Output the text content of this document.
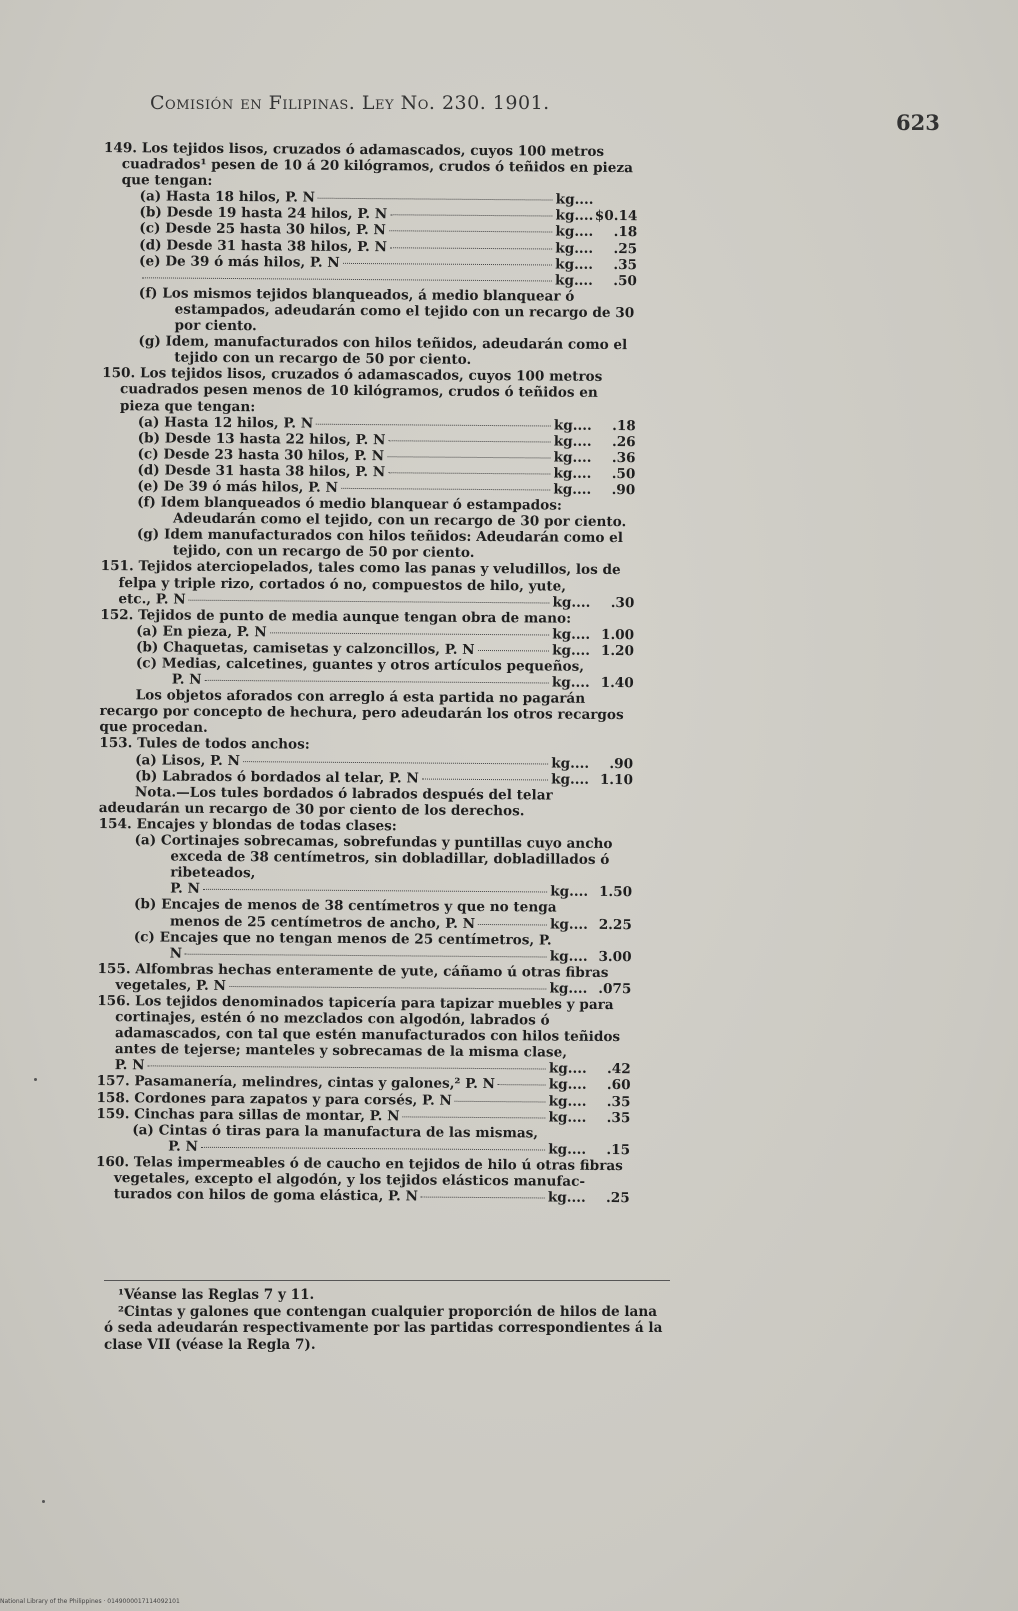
Comisión en Filipinas. Ley No. 230. 1901.
623

149. Los tejidos lisos, cruzados ó adamascados, cuyos 100 metros cuadrados¹ pesen de 10 á 20 kilógramos, crudos ó teñidos en pieza que tengan:

(a) Hasta 18 hilos, P. N	kg....
(b) Desde 19 hasta 24 hilos, P. N	kg.... $0.14
(c) Desde 25 hasta 30 hilos, P. N	kg....	.18
(d) Desde 31 hasta 38 hilos, P. N	kg....	.25
(e) De 39 ó más hilos, P. N	kg....	.35
kg....	.50

(f) Los mismos tejidos blanqueados, á medio blanquear ó estampados, adeudarán como el tejido con un recargo de 30 por ciento.

(g) Idem, manufacturados con hilos teñidos, adeudarán como el tejido con un recargo de 50 por ciento.

150. Los tejidos lisos, cruzados ó adamascados, cuyos 100 metros cuadrados pesen menos de 10 kilógramos, crudos ó teñidos en pieza que tengan:

(a) Hasta 12 hilos, P. N	kg....	.18
(b) Desde 13 hasta 22 hilos, P. N	kg....	.26
(c) Desde 23 hasta 30 hilos, P. N	kg....	.36
(d) Desde 31 hasta 38 hilos, P. N	kg....	.50
(e) De 39 ó más hilos, P. N	kg....	.90

(f) Idem blanqueados ó medio blanquear ó estampados: Adeudarán como el tejido, con un recargo de 30 por ciento.

(g) Idem manufacturados con hilos teñidos: Adeudarán como el tejido, con un recargo de 50 por ciento.

151. Tejidos aterciopelados, tales como las panas y veludillos, los de felpa y triple rizo, cortados ó no, compuestos de hilo, yute,

etc., P. N	kg....	.30

152. Tejidos de punto de media aunque tengan obra de mano:

(a) En pieza, P. N	kg.... 1.00
(b) Chaquetas, camisetas y calzoncillos, P. N	kg.... 1.20

(c) Medias, calcetines, guantes y otros artículos pequeños,

P. N	kg.... 1.40

Los objetos aforados con arreglo á esta partida no pagarán recargo por concepto de hechura, pero adeudarán los otros recargos que procedan.

153. Tules de todos anchos:

(a) Lisos, P. N	kg....	.90
(b) Labrados ó bordados al telar, P. N	kg.... 1.10

Nota.—Los tules bordados ó labrados después del telar adeudarán un recargo de 30 por ciento de los derechos.

154. Encajes y blondas de todas clases:

(a) Cortinajes sobrecamas, sobrefundas y puntillas cuyo ancho exceda de 38 centímetros, sin dobladillar, dobladillados ó ribeteados,

P. N	kg.... 1.50

(b) Encajes de menos de 38 centímetros y que no tenga

menos de 25 centímetros de ancho, P. N	kg.... 2.25

(c) Encajes que no tengan menos de 25 centímetros, P.

N	kg.... 3.00

155. Alfombras hechas enteramente de yute, cáñamo ú otras fibras

vegetales, P. N	kg.... .075

156. Los tejidos denominados tapicería para tapizar muebles y para cortinajes, estén ó no mezclados con algodón, labrados ó adamascados, con tal que estén manufacturados con hilos teñidos antes de tejerse; manteles y sobrecamas de la misma clase,

P. N	kg....	.42
157. Pasamanería, melindres, cintas y galones,² P. N	kg....	.60
158. Cordones para zapatos y para corsés, P. N	kg....	.35
159. Cinchas para sillas de montar, P. N	kg....	.35

(a) Cintas ó tiras para la manufactura de las mismas,

P. N	kg....	.15

160. Telas impermeables ó de caucho en tejidos de hilo ú otras fibras vegetales, excepto el algodón, y los tejidos elásticos manufac-

turados con hilos de goma elástica, P. N	kg....	.25

¹Véanse las Reglas 7 y 11.

²Cintas y galones que contengan cualquier proporción de hilos de lana ó seda adeudarán respectivamente por las partidas correspondientes á la clase VII (véase la Regla 7).

National Library of the Philippines · 0149000017114092101
